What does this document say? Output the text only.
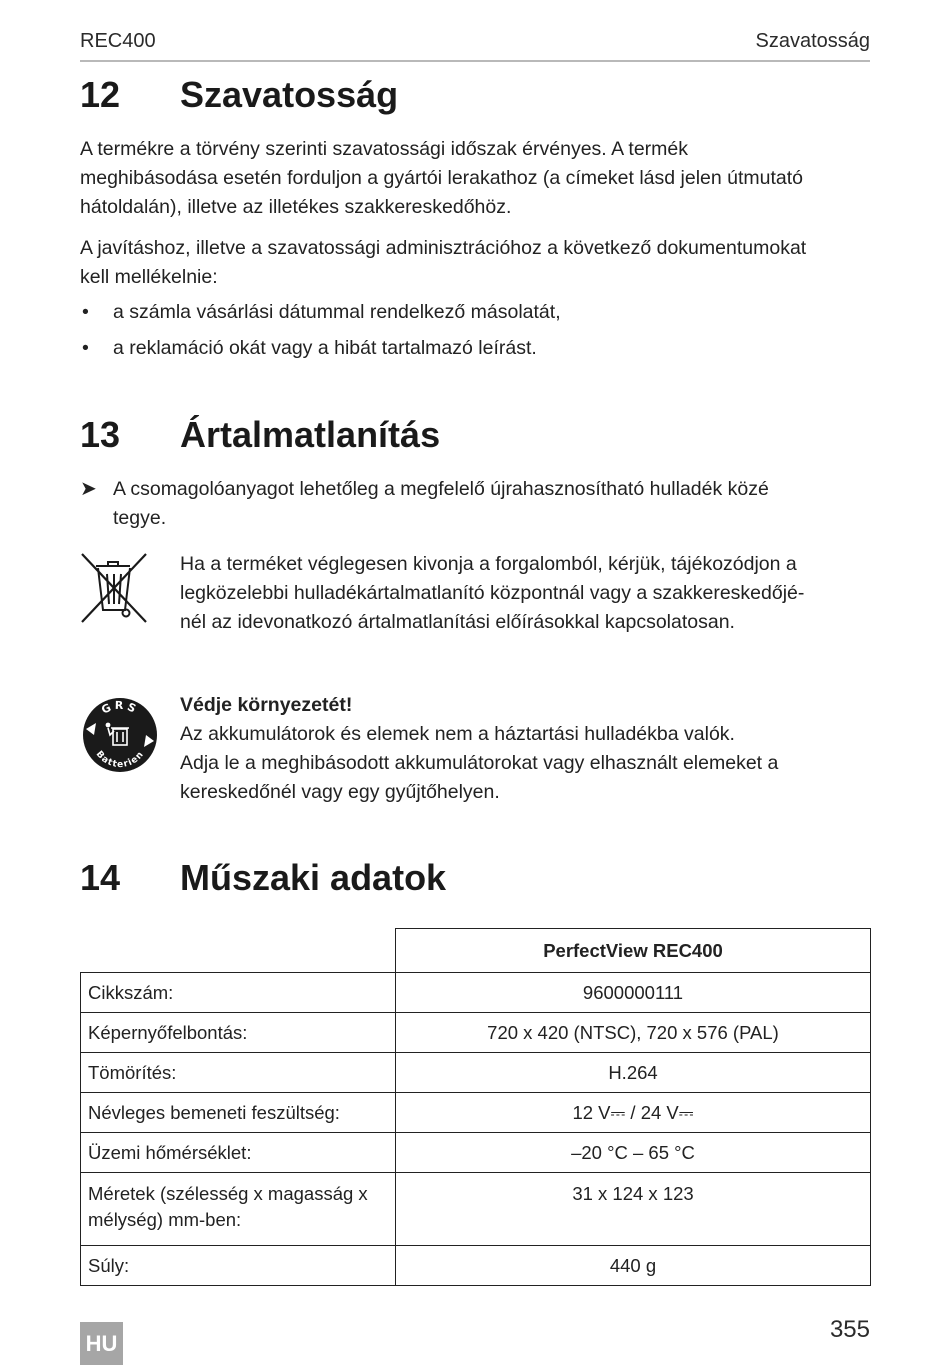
REC400	Szavatosság
12 Szavatosság
A termékre a törvény szerinti szavatossági időszak érvényes. A termék
meghibásodása esetén forduljon a gyártói lerakathoz (a címeket lásd jelen útmutató
hátoldalán), illetve az illetékes szakkereskedőhöz.
A javításhoz, illetve a szavatossági adminisztrációhoz a következő dokumentumokat
kell mellékelnie:
• a számla vásárlási dátummal rendelkező másolatát,
• a reklamáció okát vagy a hibát tartalmazó leírást.
13 Ártalmatlanítás
➤ A csomagolóanyagot lehetőleg a megfelelő újrahasznosítható hulladék közé
tegye.
Ha a terméket véglegesen kivonja a forgalomból, kérjük, tájékozódjon a
legközelebbi hulladékártalmatlanító központnál vagy a szakkereskedőjé-
nél az idevonatkozó ártalmatlanítási előírásokkal kapcsolatosan.
GRS
Batterien
Védje környezetét!
Az akkumulátorok és elemek nem a háztartási hulladékba valók.
Adja le a meghibásodott akkumulátorokat vagy elhasznált elemeket a
kereskedőnél vagy egy gyűjtőhelyen.
14 Műszaki adatok
	PerfectView REC400
Cikkszám:	9600000111
Képernyőfelbontás:	720 x 420 (NTSC), 720 x 576 (PAL)
Tömörítés:	H.264
Névleges bemeneti feszültség:	12 V⎓ / 24 V⎓
Üzemi hőmérséklet:	–20 °C – 65 °C

Méretek (szélesség x magasság x
mélység) mm-ben:	31 x 124 x 123
Súly:	440 g
HU
355
